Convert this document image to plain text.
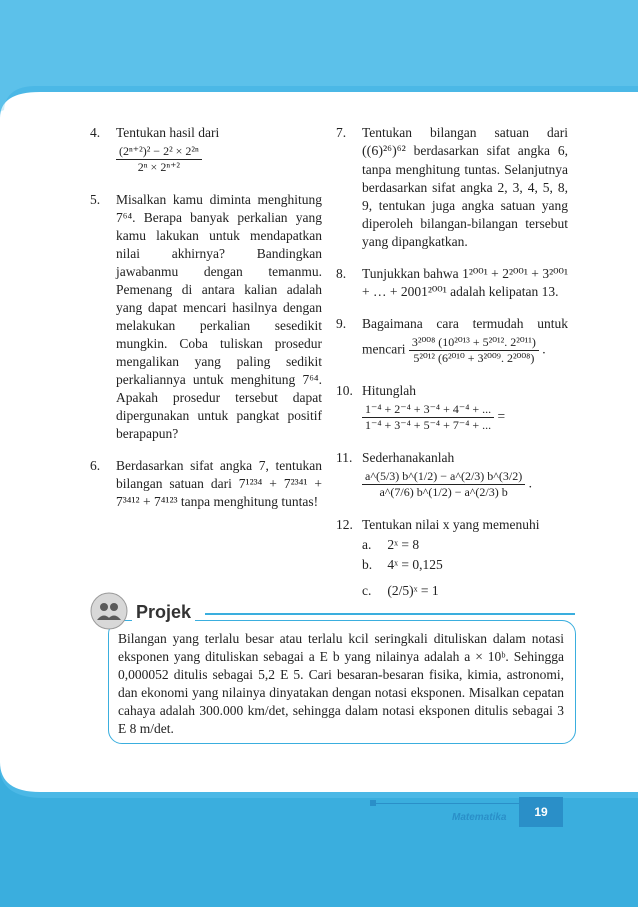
4.	Tentukan hasil dari
$\frac{\text{(2ⁿ⁺²)² − 2² × 2²ⁿ}}{\text{2ⁿ × 2ⁿ⁺²}}$
5.	Misalkan kamu diminta menghitung 7⁶⁴. Berapa banyak perkalian yang kamu lakukan untuk mendapatkan nilai akhirnya? Bandingkan jawabanmu dengan temanmu. Pemenang di antara kalian adalah yang dapat mencari hasilnya dengan melakukan perkalian sesedikit mungkin. Coba tuliskan prosedur mengalikan yang paling sedikit perkaliannya untuk menghitung 7⁶⁴. Apakah prosedur tersebut dapat dipergunakan untuk pangkat positif berapapun?
6.	Berdasarkan sifat angka 7, tentukan bilangan satuan dari 7¹²³⁴ + 7²³⁴¹ + 7³⁴¹² + 7⁴¹²³ tanpa menghitung tuntas!
7.	Tentukan bilangan satuan dari
((6)²⁶)⁶² berdasarkan sifat angka 6, tanpa menghitung tuntas. Selanjutnya berdasarkan sifat angka 2, 3, 4, 5, 8, 9, tentukan juga angka satuan yang diperoleh bilangan-bilangan tersebut yang dipangkatkan.
8.	Tunjukkan bahwa 1²⁰⁰¹ + 2²⁰⁰¹ + 3²⁰⁰¹ + … + 2001²⁰⁰¹ adalah kelipatan 13.
9.	Bagaimana cara termudah untuk mencari $\frac{\text{3²⁰⁰⁸ (10²⁰¹³ + 5²⁰¹². 2²⁰¹¹)}}{\text{5²⁰¹² (6²⁰¹⁰ + 3²⁰⁰⁹. 2²⁰⁰⁸)}}$ .
10. Hitunglah
$\frac{\text{1⁻⁴ + 2⁻⁴ + 3⁻⁴ + 4⁻⁴ + ...}}{\text{1⁻⁴ + 3⁻⁴ + 5⁻⁴ + 7⁻⁴ + ...}}$ =
11. Sederhanakanlah
$\frac{a\^{}(5/3) b\^{}(1/2) - a\^{}(2/3) b\^{}(3/2)}{a\^{}(7/6) b\^{}(1/2) - a\^{}(2/3) b}$ .
12. Tentukan nilai x yang memenuhi
a. 2ˣ = 8
b. 4ˣ = 0,125
c. (2/5)ˣ = 1
Projek
Bilangan yang terlalu besar atau terlalu kcil seringkali dituliskan dalam notasi eksponen yang dituliskan sebagai a E b yang nilainya adalah a × 10ᵇ. Sehingga 0,000052 ditulis sebagai 5,2 E 5. Cari besaran-besaran fisika, kimia, astronomi, dan ekonomi yang nilainya dinyatakan dengan notasi eksponen. Misalkan cepatan cahaya adalah 300.000 km/det, sehingga dalam notasi eksponen ditulis sebagai 3 E 8 m/det.
Matematika	19
